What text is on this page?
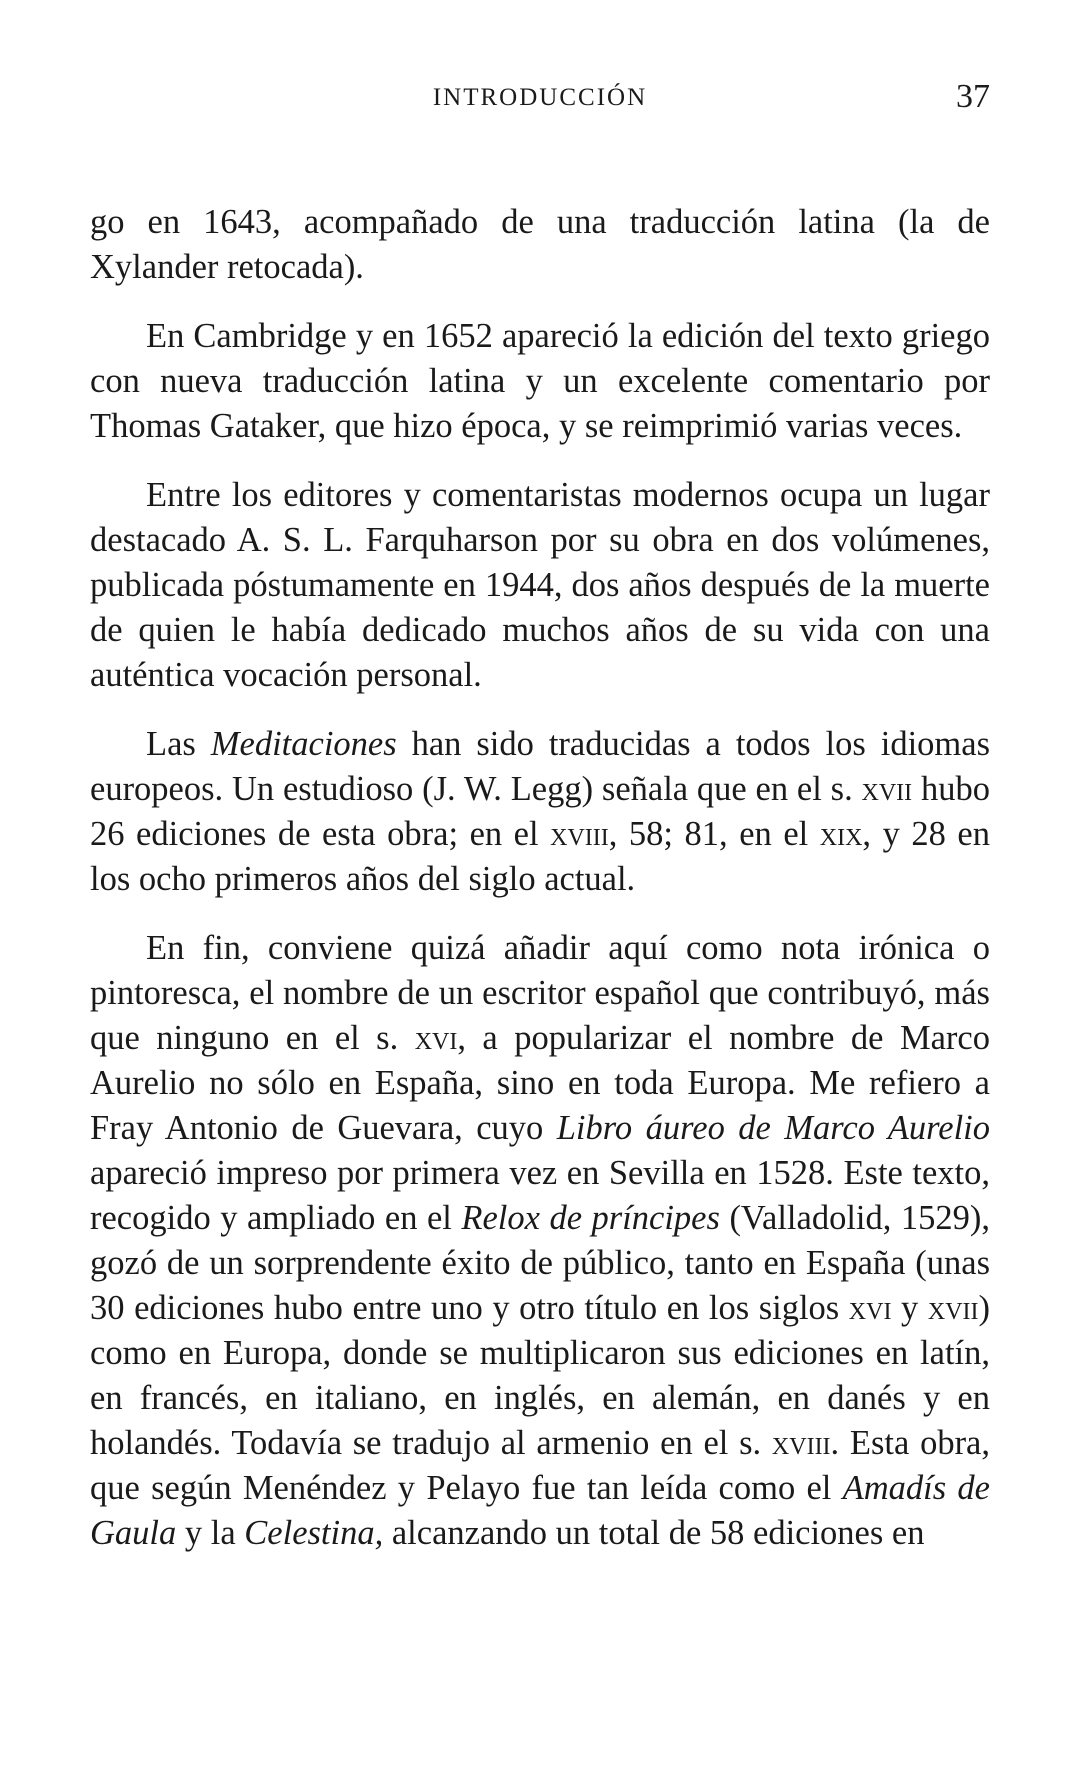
INTRODUCCIÓN	37

go en 1643, acompañado de una traducción latina (la de Xylander retocada).

En Cambridge y en 1652 apareció la edición del texto griego con nueva traducción latina y un excelente comentario por Thomas Gataker, que hizo época, y se reimprimió varias veces.

Entre los editores y comentaristas modernos ocupa un lugar destacado A. S. L. Farquharson por su obra en dos volúmenes, publicada póstumamente en 1944, dos años después de la muerte de quien le había dedicado muchos años de su vida con una auténtica vocación personal.

Las Meditaciones han sido traducidas a todos los idiomas europeos. Un estudioso (J. W. Legg) señala que en el s. xvii hubo 26 ediciones de esta obra; en el xviii, 58; 81, en el xix, y 28 en los ocho primeros años del siglo actual.

En fin, conviene quizá añadir aquí como nota irónica o pintoresca, el nombre de un escritor español que contribuyó, más que ninguno en el s. xvi, a popularizar el nombre de Marco Aurelio no sólo en España, sino en toda Europa. Me refiero a Fray Antonio de Guevara, cuyo Libro áureo de Marco Aurelio apareció impreso por primera vez en Sevilla en 1528. Este texto, recogido y ampliado en el Relox de príncipes (Valladolid, 1529), gozó de un sorprendente éxito de público, tanto en España (unas 30 ediciones hubo entre uno y otro título en los siglos xvi y xvii) como en Europa, donde se multiplicaron sus ediciones en latín, en francés, en italiano, en inglés, en alemán, en danés y en holandés. Todavía se tradujo al armenio en el s. xviii. Esta obra, que según Menéndez y Pelayo fue tan leída como el Amadís de Gaula y la Celestina, alcanzando un total de 58 ediciones en
